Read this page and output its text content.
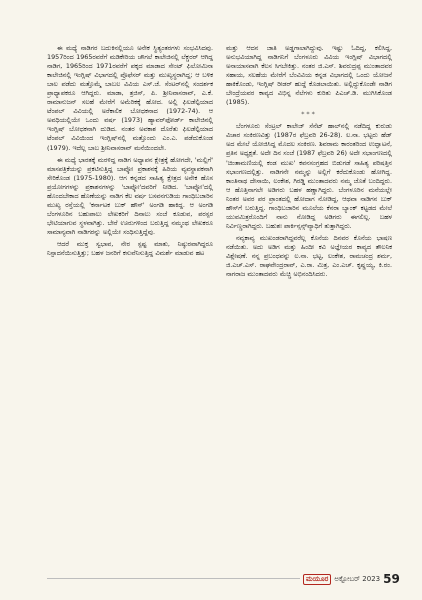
ಈ ಮಧ್ಯೆ ನಾಡಿಗರ ಬದುಕಿನಲ್ಲಿಯೂ ಅನೇಕ ಸ್ಥಿತ್ಯಂತರಗಳು ಸಂಭವಿಸಿದವು. 1957ರಿಂದ 1965ರವರೆಗೆ ಮಡಿಕೇರಿಯ ಚೌಗಲೆ ಕಾಲೇಜಿನಲ್ಲಿ ಲೆಕ್ಚರರ್ ಆಗಿದ್ದ ನಾಡಿಗ, 1965ರಿಂದ 1971ರವರೆಗೆ ಪಕ್ಕದ ಮಾಡಾದ ಸೇಂಟ್ ಫಿಲೋಮಿನಾ ಕಾಲೇಜಿನಲ್ಲಿ ಇಂಗ್ಲಿಷ್ ವಿಭಾಗದಲ್ಲಿ ಪ್ರೊಫೆಸರ್ ಮತ್ತು ಮುಖ್ಯಸ್ಥರಾಗಿದ್ದ; ಆ ಬಳಿಕ ಬಾಲ ಪಡೆದು ಮತ್ತೊಮ್ಮೆ ಬಾಬಲ ವಿವಿಯ ಎಸ್.ಜೆ. ಸೆಂಟರ್‌ನಲ್ಲಿ ಸಂದರ್ಶಕ ಪ್ರಾಧ್ಯಾಪಕರೂ ಆಗಿದ್ದರು. ಮಾಡಾ, ತ್ರಜಿಸ್, ಪಿ. ಶ್ರೀನಿವಾಸರಾವ್, ಎ.ಕೆ. ರಾಮಾನುಜನ್ ಸಲಹೆ ಮೇರೆಗೆ ಅಮೆರಿಕಕ್ಕೆ ಹೋದ. ಅಲ್ಲಿ ಫಿಲಡೆಲ್ಫಿಯಾದ ಟೆಂಪಲ್ ವಿವಿಯಲ್ಲಿ ಅರೆಕಾಲಿಕ ಬೋಧಕನಾದ (1972-74). ಆ ಅವಧಿಯಲ್ಲಿಯೇ ಒಂದು ವರ್ಷ (1973) ಹ್ಯಾವರ್‌ಫೋರ್ಡ್ ಕಾಲೇಜಿನಲ್ಲಿ ಇಂಗ್ಲಿಷ್ ಬೋಧಕನಾಗಿ ದುಡಿದ. ನಂತರ ಅವಕಾಶ ದೊರೆತು ಫಿಲಡೆಲ್ಫಿಯಾದ ಟೆಂಪಲ್ ವಿವಿಯಿಂದ ಇಂಗ್ಲಿಷ್‌ನಲ್ಲಿ ಮತ್ತೊಂದು ಎಂ.ಎ. ಪಡೆದುಕೊಂಡ (1979). ಇದೆಲ್ಲ ಬಾಬ ಶ್ರೀನಿವಾಸರಾವ್ ಮನೆಯಿಂದಲೇ.

ಈ ಮಧ್ಯೆ ಭಾರತಕ್ಕೆ ಮರಳಿದ್ದ ನಾಡಿಗ ಅಧ್ಯಾಪನ ಕ್ಷೇತ್ರಕ್ಕೆ ಹೋಗದೇ, 'ಮಲ್ಲಿಗೆ' ಮಾಸಪತ್ರಿಕೆಯನ್ನು ಪ್ರಕಟಿಸುತ್ತಿದ್ದ ಬಾಪ್ಕೋ ಪ್ರಕಾಶನಕ್ಕೆ ಹಿರಿಯ ವ್ಯವಸ್ಥಾಪಕನಾಗಿ ಸೇರಿಕೊಂಡ (1975-1980). ಆಗ ಕನ್ನಡದ ಸಾಹಿತ್ಯ ಕ್ಷೇತ್ರದ ಅನೇಕ ಹೊಸ ಪ್ರಯೋಗಗಳನ್ನು ಪ್ರಕಾಶನಗಳನ್ನು 'ಬಾಪ್ಕೋ'ದವರಿಗೆ ನೀಡಿದ. 'ಬಾಪ್ಕೋ'ದಲ್ಲಿ ಹೊಂದಬೇಕಾದ ಹೊಣೆಯನ್ನು ನಾಡಿಗ ಕೆಲ ವರ್ಷ ಬಸವನಗುಡಿಯ ಗಾಂಧಿಬಜಾರಿನ ಮುಖ್ಯ ರಸ್ತೆಯಲ್ಲಿ 'ಕರ್ನಾಟಕ ಬುಕ್ ಹೌಸ್' ಅಂಗಡಿ ಹಾಕಿದ್ದ. ಆ ಅಂಗಡಿ ಬೆಂಗಳೂರಿನ ಬಹುಪಾಲು ಲೇಖಕರಿಗೆ ದಿನಾಲು ಸಂಜೆ ಕೂಡುವ, ಪರಸ್ಪರ ಭೇಟಿಯಾಗುವ ಸ್ಥಳವಾಗಿತ್ತು. ಬೇರೆ ಊರುಗಳಿಂದ ಬರುತ್ತಿದ್ದ ನಮ್ಮಂಥ ಲೇಖಕರೂ ಸಾಮಾನ್ಯವಾಗಿ ನಾಡಿಗರನ್ನು ಅಲ್ಲಿಯೇ ಸಂಧಿಸುತ್ತಿದ್ದೆವು.

ಆದರೆ ಮುಕ್ತ ಸ್ವಭಾವ, ನೇರ ಸ್ಪಷ್ಟ ಮಾತು, ನಿಷ್ಠುರವಾಗಿದ್ದರೂ ನಿಸ್ಪಾದನೆಯಿಸುತ್ತಿತ್ತು; ಬಹಳ ಜನರಿಗೆ ಕಸುವೆನಿಸುತ್ತಿದ್ದ ವಿಮರ್ಶೆ ಮಾಡುವ ಹಟ

ಮತ್ತು ಆದನ ಜಾತಿ ಅಡ್ಡಗಾಲಾಗಿದ್ದುವು. ಇಷ್ಟು ಓದಿದ್ದ, ಕಲಿಸಿದ್ದ, ಅನುಭವಿಯಾಗಿದ್ದ ನಾಡಿಗನಿಗೆ ಬೆಂಗಳೂರು ವಿವಿಯ ಇಂಗ್ಲಿಷ್ ವಿಭಾಗದಲ್ಲಿ ಅನಾಯಾಸವಾಗಿ ಕೆಲಸ ಸಿಗಬೇಕಿತ್ತು. ನಂತರ ಜಿ.ಎಸ್. ಶಿವರುದ್ರಪ್ಪ ಮುಂತಾದವರ ಸಹಾಯ, ಸಲಹೆಯ ಮೇರೆಗೆ ಬೆಂವಿವಿಯ ಕನ್ನಡ ವಿಭಾಗದಲ್ಲಿ ಒಂದು ಯೋಜನೆ ಹಾಕಿಕೊಂಡು, ಇಂಗ್ಲಿಷ್ ರೀಡರ್ ಹುದ್ದೆ ಕೊಡಲಾಯಿತು. ಅಲ್ಲಿದ್ದುಕೊಂಡೇ ನಾಡಿಗ ಬೇಂದ್ರೆಯವರ ಕಾವ್ಯದ ವಿಭಿನ್ನ ನೆಲೆಗಳು ಕುರಿತು ಪಿಎಚ್.ಡಿ. ಮುಗಿಸಿಕೊಂಡ (1985).

***

ಬೆಂಗಳೂರು ಸೆಂಟ್ರಲ್ ಕಾಲೇಜ್ ಸೆನೆಟ್ ಹಾಲ್‌ನಲ್ಲಿ ನಡೆದಿದ್ದ ಕುರುಡು ವಿಚಾರ ಸಂಕಿರಣವಿತ್ತು (1987ರ ಫೆಬ್ರವರಿ 26-28). ಲ.ನಾ. ಭಟ್ಟರು ಹೆಡ್ ಅದ ಮೇಲೆ ಯೋಜಿಸಿದ್ದ ಮೊದಲ ಸಂಕಿರಣ. ಶಿವರಾಮ ಕಾರಂತರಿಂದ ಉದ್ಘಾಟನೆ, ಪ್ರತಿನ ಅಧ್ಯಕ್ಷತೆ. ಅದೇ ದಿನ ಸಂಜೆ (1987 ಫೆಬ್ರವರಿ 26) ಅದೇ ಸಭಾಂಗಣದಲ್ಲಿ 'ಚಿಂತಾಮಣಿಯಲ್ಲಿ ಕಂಡ ಮುಖ' ಕವನಸಂಗ್ರಹದ ಬಿಡುಗಡೆ ಸಾಹಿತ್ಯ ಪರಿಷತ್ತಿನ ಸಭಾಂಗಣದಲ್ಲಿತ್ತು. ನಾಡಿಗನೇ ನಮ್ಮನ್ನು ಅಲ್ಲಿಗೆ ಕರೆದುಕೊಂಡು ಹೋಗಿದ್ದ. ಕಾಂತಿನಾಥ ದೇಸಾಯಿ, ಲಂಕೇಶ, ಗಿರಡ್ಡಿ ಮುಂತಾದವರು ನಮ್ಮ ಜೊತೆ ಬಂದಿದ್ದರು. ಆ ಹೊತ್ತಿನಾಗಲೇ ಅಡಿಗರು ಬಹಳ ಹಣ್ಣಾಗಿದ್ದರು. ಬೆಂಗಳೂರಿನ ಮನೆಯಲ್ಲೇ ನಿಂತರ ಅವರ ಪರ ಪ್ರಾಂತದಲ್ಲಿ ಹೋದಾಗ ನೋಡಿದ್ದ, ಆಥವಾ ನಾಡಿಗನ ಬುಕ್ ಹೌಸ್‌ಗೆ ಬರುತ್ತಿದ್ದ. ಗಾಂಧಿಬಜಾರಿನ ಮೂಲೆಯ ಕೆನರಾ ಬ್ಯಾಂಕ್ ಕಟ್ಟಡದ ಮೇಲೆ ಯುವಮಿತ್ರರೊಂದಿಗೆ ನಾನು ನೋಡಿದ್ದ ಅಡಿಗರು ಈಗಲಿಲ್ಲ. ಬಹಳ ನಿರ್ವಿಣ್ಣರಾಗಿದ್ದರು. ಬಹುಶಃ ಪಾರ್ಕಿನ್ಸನ್ಸ್‌ವ್ಯಾಧಿಗೆ ತುತ್ತಾಗಿದ್ದರು.

ನವ್ಯಕಾವ್ಯ ಮುಖಂಡರಾಗಿದ್ದವರೆಲ್ಲ ಕೊನೆಯ ದಿನವರ ಕೊನೆಯ ಭಾಷಣ ನಡೆಯಿತು. ಅದು ಅಡಿಗ ಮತ್ತು ಹಿಂದೀ ಕವಿ ಅಜ್ಞೇಯರ ಕಾವ್ಯದ ತೌಲನಿಕ ವಿಶ್ಲೇಷಣೆ. ನನ್ನ ಪ್ರಬಂಧವನ್ನು ಲ.ನಾ. ಭಟ್ಟ, ಲಂಕೇಶ, ರಾಮಚಂದ್ರ ಶರ್ಮ, ಜಿ.ಎಚ್.ಎಸ್. ರಾಘವೇಂದ್ರರಾವ್, ಎ.ರಾ. ಮಿತ್ರ, ಎಂ.ಎಚ್. ಕೃಷ್ಣಯ್ಯ, ಕಿ.ರಂ. ನಾಗರಾಜ ಮುಂತಾದವರು ಮೆಚ್ಚಿ ಅಭಿನಂದಿಸಿದರು.

ಮಯೂರ ಅಕ್ಟೋಬರ್ 2023 59
